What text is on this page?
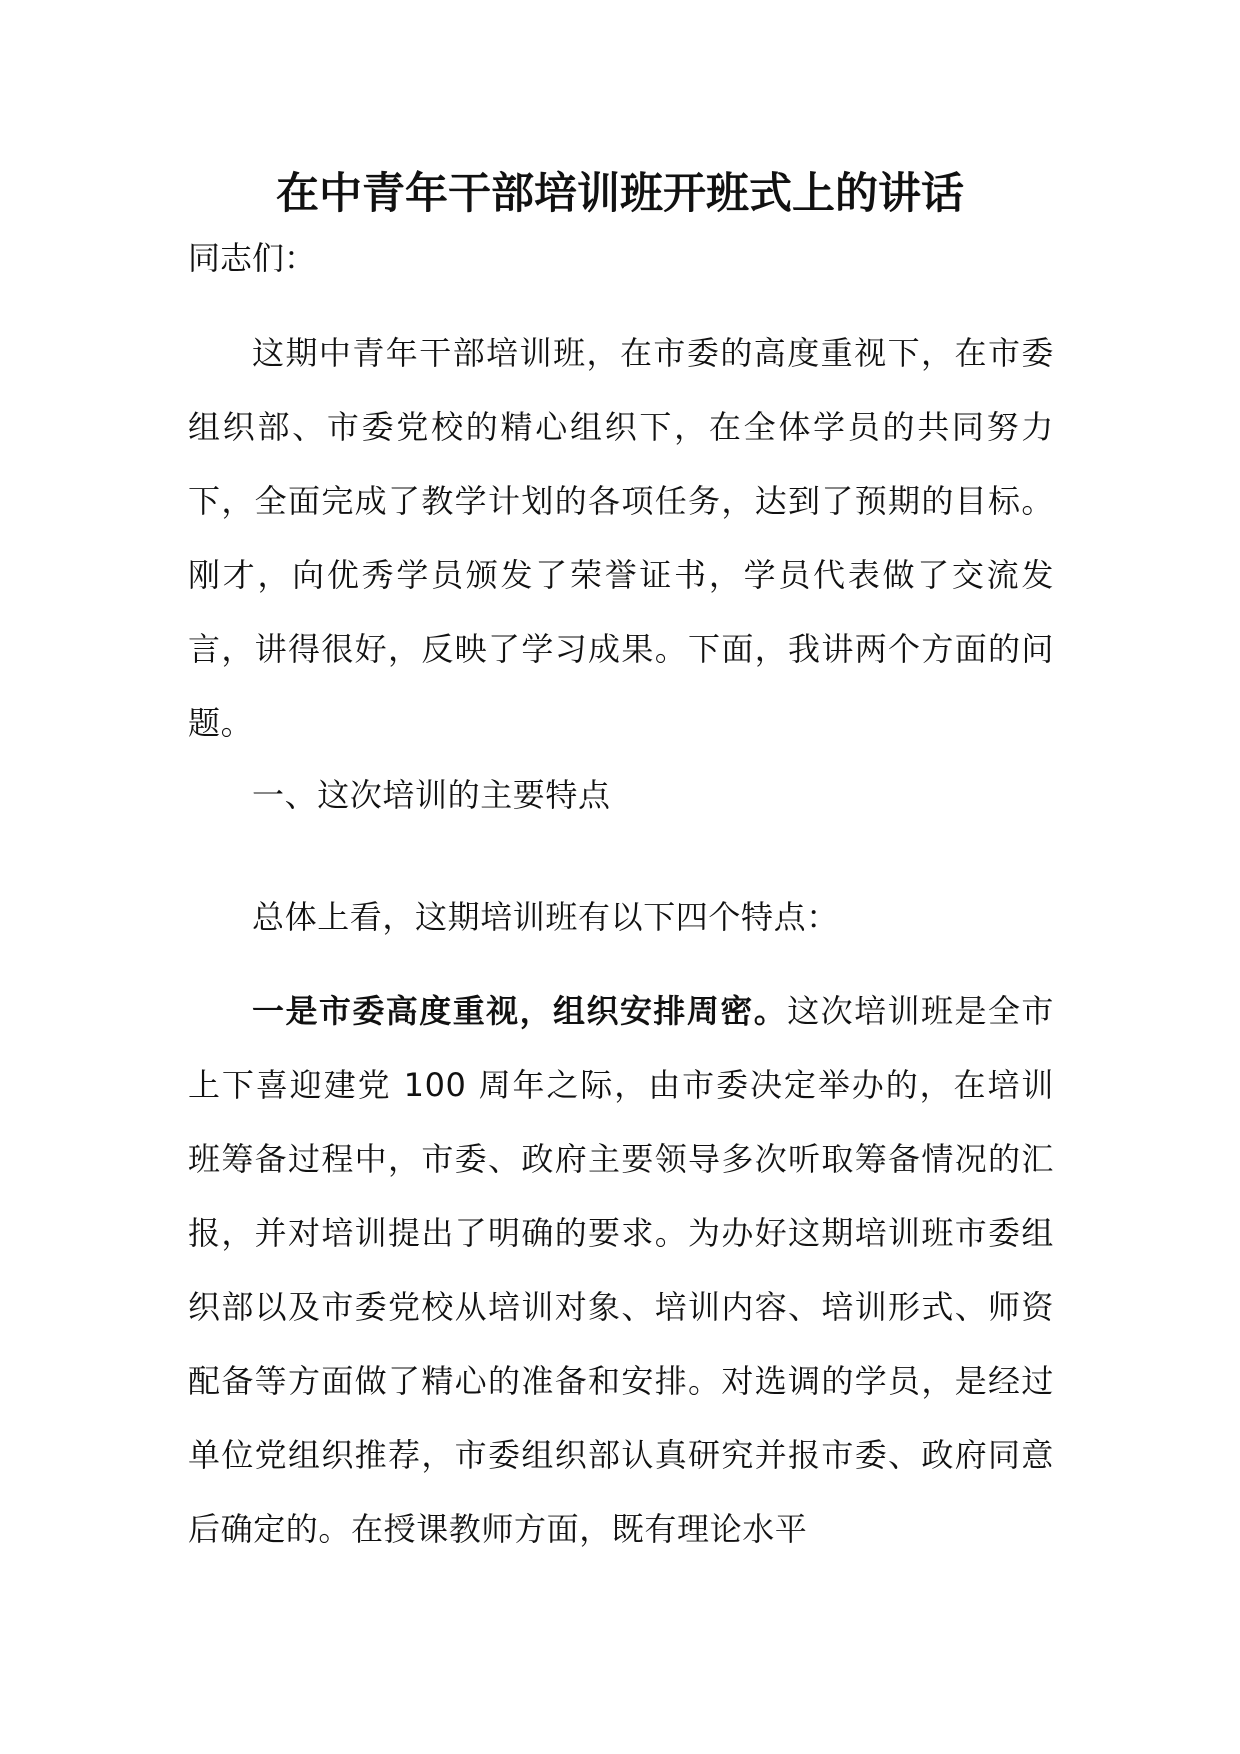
在中青年干部培训班开班式上的讲话

同志们：

这期中青年干部培训班，在市委的高度重视下，在市委组织部、市委党校的精心组织下，在全体学员的共同努力下，全面完成了教学计划的各项任务，达到了预期的目标。刚才，向优秀学员颁发了荣誉证书，学员代表做了交流发言，讲得很好，反映了学习成果。下面，我讲两个方面的问题。

一、这次培训的主要特点

总体上看，这期培训班有以下四个特点：

一是市委高度重视，组织安排周密。这次培训班是全市上下喜迎建党 100 周年之际，由市委决定举办的，在培训班筹备过程中，市委、政府主要领导多次听取筹备情况的汇报，并对培训提出了明确的要求。为办好这期培训班市委组织部以及市委党校从培训对象、培训内容、培训形式、师资配备等方面做了精心的准备和安排。对选调的学员，是经过单位党组织推荐，市委组织部认真研究并报市委、政府同意后确定的。在授课教师方面，既有理论水平
